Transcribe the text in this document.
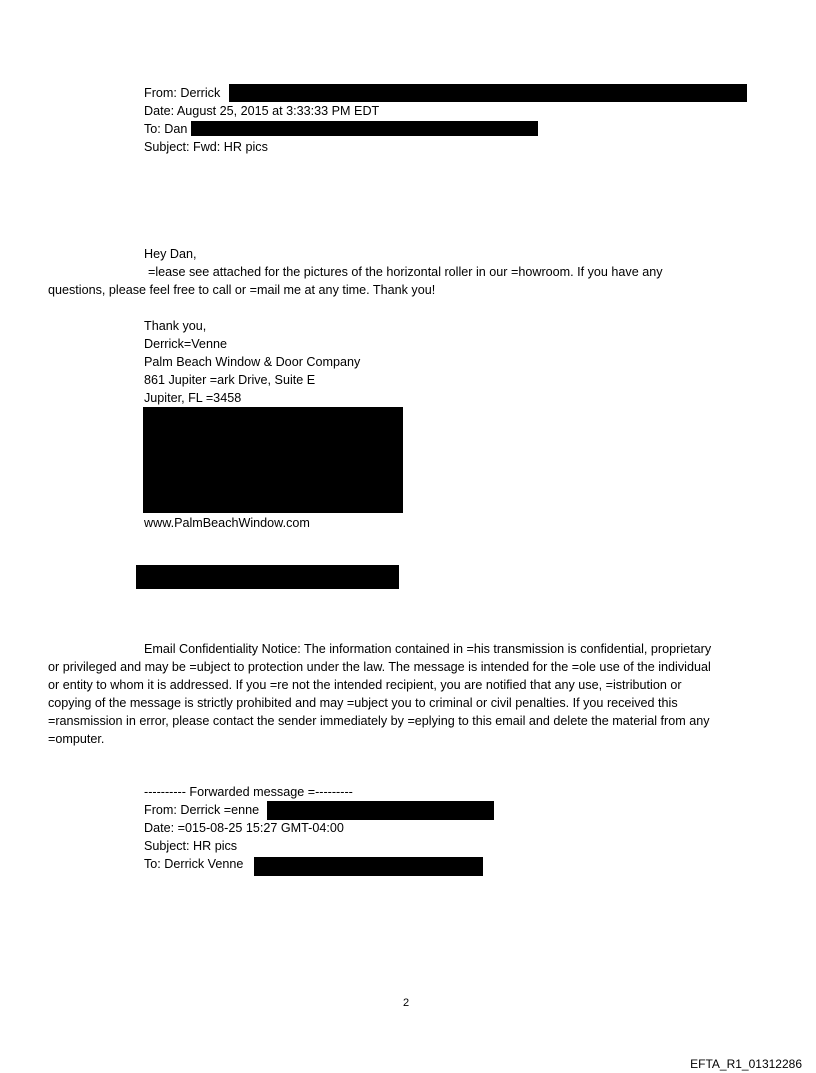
From: Derrick
Date: August 25, 2015 at 3:33:33 PM EDT
To: Dan
Subject: Fwd: HR pics
Hey Dan,
=lease see attached for the pictures of the horizontal roller in our =howroom. If you have any
questions, please feel free to call or =mail me at any time. Thank you!
Thank you,
Derrick=Venne
Palm Beach Window & Door Company
861 Jupiter =ark Drive, Suite E
Jupiter, FL =3458
www.PalmBeachWindow.com
Email Confidentiality Notice: The information contained in =his transmission is confidential, proprietary
or privileged and may be =ubject to protection under the law. The message is intended for the =ole use of the individual
or entity to whom it is addressed. If you =re not the intended recipient, you are notified that any use, =istribution or
copying of the message is strictly prohibited and may =ubject you to criminal or civil penalties. If you received this
=ransmission in error, please contact the sender immediately by =eplying to this email and delete the material from any
=omputer.
---------- Forwarded message =---------
From: Derrick =enne
Date: =015-08-25 15:27 GMT-04:00
Subject: HR pics
To: Derrick Venne
2
EFTA_R1_01312286
